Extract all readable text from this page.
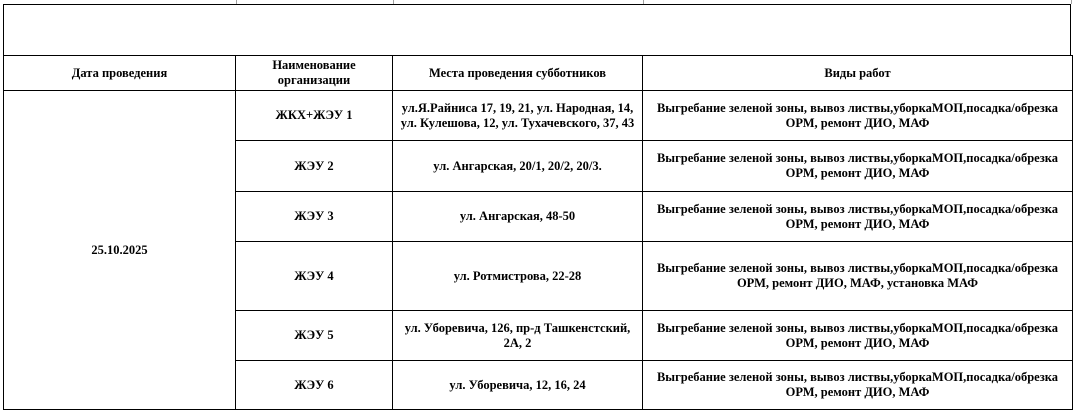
Дата проведения	Наименование организации	Места проведения субботников	Виды работ
25.10.2025	ЖКХ+ЖЭУ 1	ул.Я.Райниса 17, 19, 21, ул. Народная, 14, ул. Кулешова, 12, ул. Тухачевского, 37, 43	Выгребание зеленой зоны, вывоз листвы,уборкаМОП,посадка/обрезка ОРМ, ремонт ДИО, МАФ
	ЖЭУ 2	ул. Ангарская, 20/1, 20/2, 20/3.	Выгребание зеленой зоны, вывоз листвы,уборкаМОП,посадка/обрезка ОРМ, ремонт ДИО, МАФ
	ЖЭУ 3	ул. Ангарская, 48-50	Выгребание зеленой зоны, вывоз листвы,уборкаМОП,посадка/обрезка ОРМ, ремонт ДИО, МАФ
	ЖЭУ 4	ул. Ротмистрова, 22-28	Выгребание зеленой зоны, вывоз листвы,уборкаМОП,посадка/обрезка ОРМ, ремонт ДИО, МАФ, установка МАФ
	ЖЭУ 5	ул. Уборевича, 126, пр-д Ташкенстский, 2А, 2	Выгребание зеленой зоны, вывоз листвы,уборкаМОП,посадка/обрезка ОРМ, ремонт ДИО, МАФ
	ЖЭУ 6	ул. Уборевича, 12, 16, 24	Выгребание зеленой зоны, вывоз листвы,уборкаМОП,посадка/обрезка ОРМ, ремонт ДИО, МАФ
